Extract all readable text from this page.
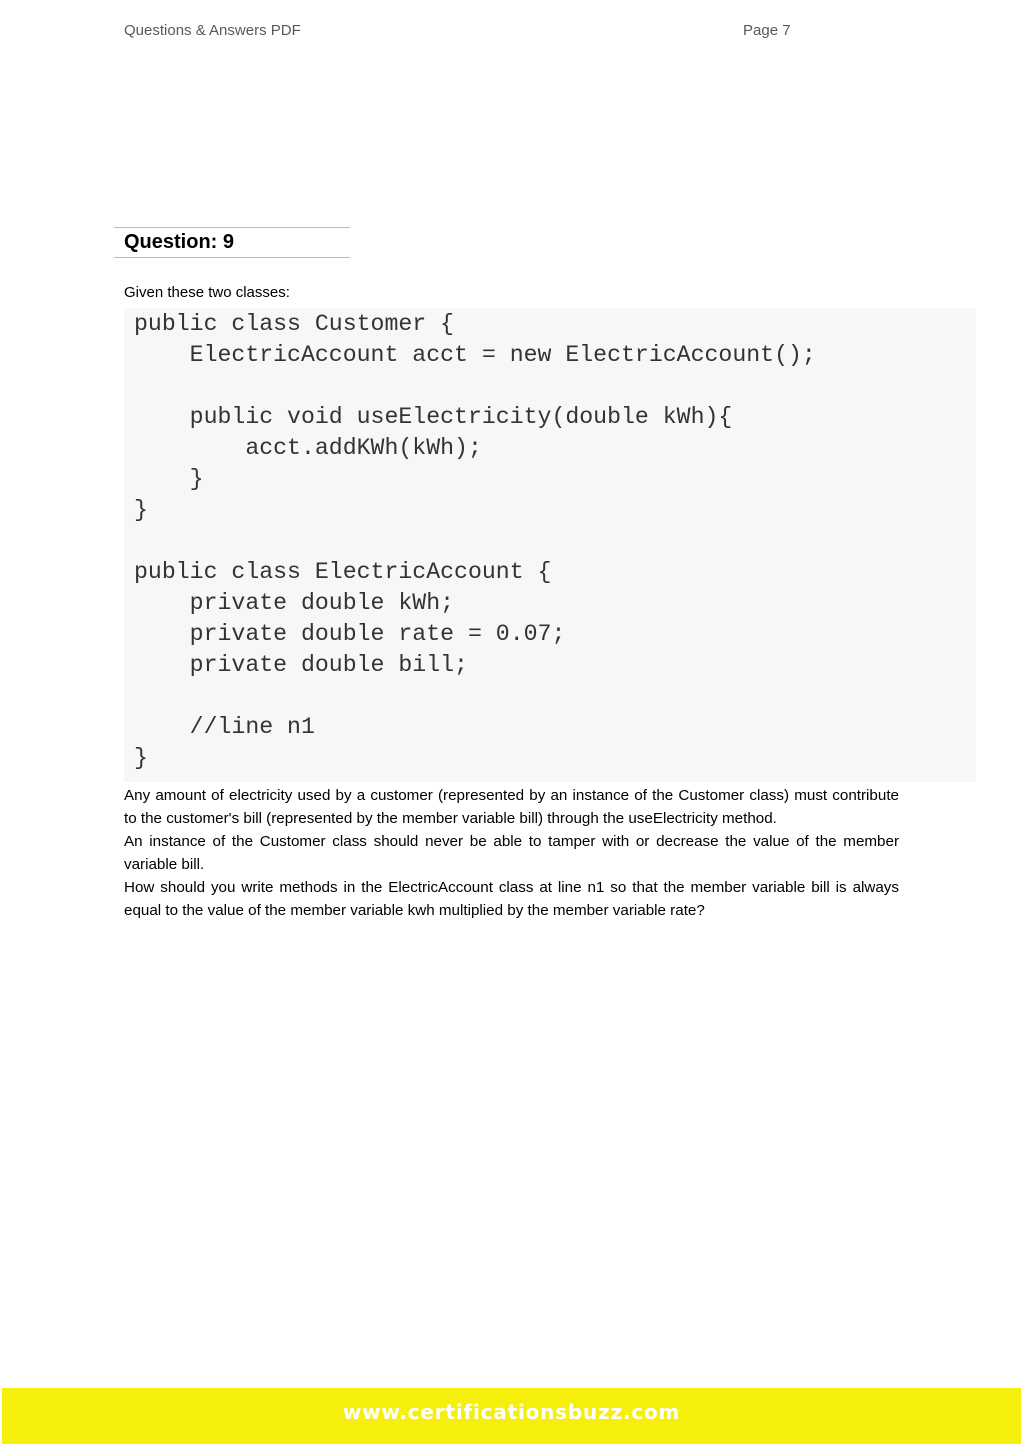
Questions & Answers PDF	Page 7
Question: 9
Given these two classes:
public class Customer {
ElectricAccount acct = new ElectricAccount();

public void useElectricity(double kWh){
acct.addKWh(kWh);
}
}

public class ElectricAccount {
private double kWh;
private double rate = 0.07;
private double bill;

//line n1
}

Any amount of electricity used by a customer (represented by an instance of the Customer class) must contribute to the customer's bill (represented by the member variable bill) through the useElectricity method.

An instance of the Customer class should never be able to tamper with or decrease the value of the member variable bill.

How should you write methods in the ElectricAccount class at line n1 so that the member variable bill is always equal to the value of the member variable kwh multiplied by the member variable rate?

www.certificationsbuzz.com
